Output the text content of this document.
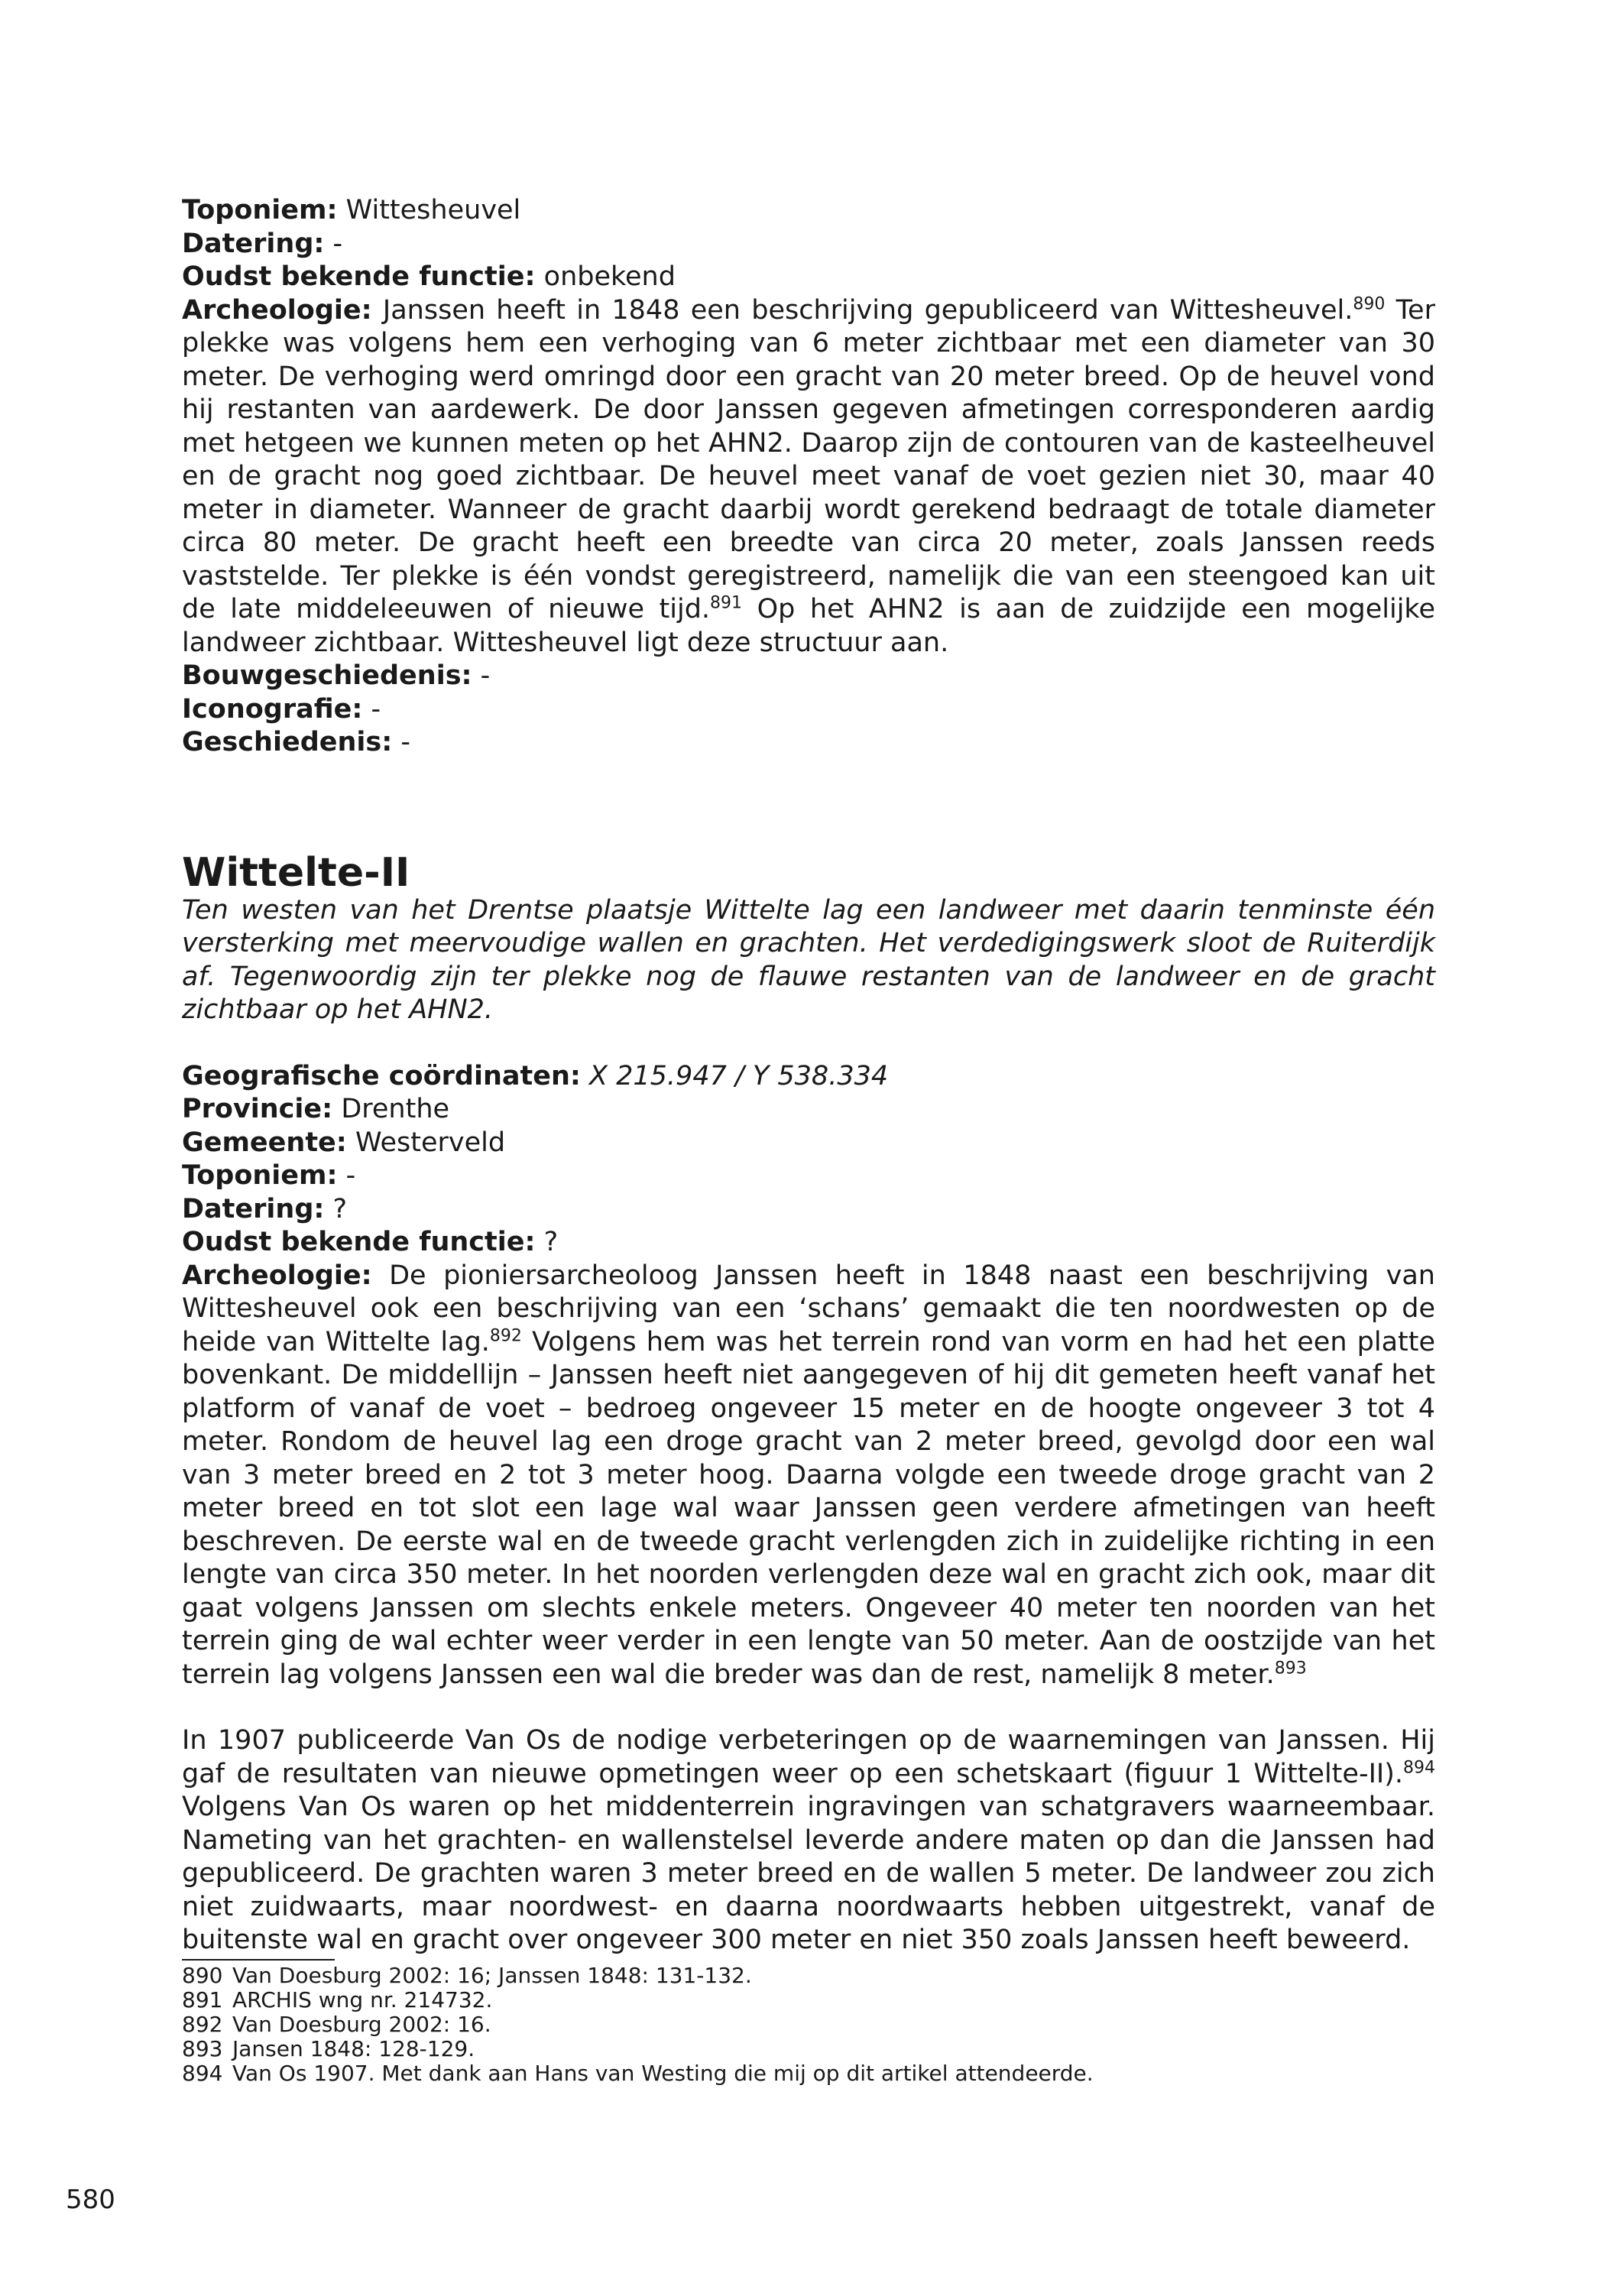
Toponiem: Wittesheuvel

Datering: -

Oudst bekende functie: onbekend

Archeologie: Janssen heeft in 1848 een beschrijving gepubliceerd van Wittesheuvel.$^{890}$ Ter plekke was volgens hem een verhoging van 6 meter zichtbaar met een diameter van 30 meter. De verhoging werd omringd door een gracht van 20 meter breed. Op de heuvel vond hij restanten van aardewerk. De door Janssen gegeven afmetingen corresponderen aardig met hetgeen we kunnen meten op het AHN2. Daarop zijn de contouren van de kasteelheuvel en de gracht nog goed zichtbaar. De heuvel meet vanaf de voet gezien niet 30, maar 40 meter in diameter. Wanneer de gracht daarbij wordt gerekend bedraagt de totale diameter circa 80 meter. De gracht heeft een breedte van circa 20 meter, zoals Janssen reeds vaststelde. Ter plekke is één vondst geregistreerd, namelijk die van een steengoed kan uit de late middeleeuwen of nieuwe tijd.$^{891}$ Op het AHN2 is aan de zuidzijde een mogelijke landweer zichtbaar. Wittesheuvel ligt deze structuur aan.

Bouwgeschiedenis: -

Iconografie: -

Geschiedenis: -

Wittelte-II

Ten westen van het Drentse plaatsje Wittelte lag een landweer met daarin tenminste één versterking met meervoudige wallen en grachten. Het verdedigingswerk sloot de Ruiterdijk af. Tegenwoordig zijn ter plekke nog de flauwe restanten van de landweer en de gracht zichtbaar op het AHN2.

Geografische coördinaten: X 215.947 / Y 538.334

Provincie: Drenthe

Gemeente: Westerveld

Toponiem: -

Datering: ?

Oudst bekende functie: ?

Archeologie: De pioniersarcheoloog Janssen heeft in 1848 naast een beschrijving van Wittesheuvel ook een beschrijving van een ‘schans’ gemaakt die ten noordwesten op de heide van Wittelte lag.$^{892}$ Volgens hem was het terrein rond van vorm en had het een platte bovenkant. De middellijn – Janssen heeft niet aangegeven of hij dit gemeten heeft vanaf het platform of vanaf de voet – bedroeg ongeveer 15 meter en de hoogte ongeveer 3 tot 4 meter. Rondom de heuvel lag een droge gracht van 2 meter breed, gevolgd door een wal van 3 meter breed en 2 tot 3 meter hoog. Daarna volgde een tweede droge gracht van 2 meter breed en tot slot een lage wal waar Janssen geen verdere afmetingen van heeft beschreven. De eerste wal en de tweede gracht verlengden zich in zuidelijke richting in een lengte van circa 350 meter. In het noorden verlengden deze wal en gracht zich ook, maar dit gaat volgens Janssen om slechts enkele meters. Ongeveer 40 meter ten noorden van het terrein ging de wal echter weer verder in een lengte van 50 meter. Aan de oostzijde van het terrein lag volgens Janssen een wal die breder was dan de rest, namelijk 8 meter.$^{893}$

In 1907 publiceerde Van Os de nodige verbeteringen op de waarnemingen van Janssen. Hij gaf de resultaten van nieuwe opmetingen weer op een schetskaart (figuur 1 Wittelte-II).$^{894}$ Volgens Van Os waren op het middenterrein ingravingen van schatgravers waarneembaar. Nameting van het grachten- en wallenstelsel leverde andere maten op dan die Janssen had gepubliceerd. De grachten waren 3 meter breed en de wallen 5 meter. De landweer zou zich niet zuidwaarts, maar noordwest- en daarna noordwaarts hebben uitgestrekt, vanaf de buitenste wal en gracht over ongeveer 300 meter en niet 350 zoals Janssen heeft beweerd.

890 Van Doesburg 2002: 16; Janssen 1848: 131-132.

891 ARCHIS wng nr. 214732.

892 Van Doesburg 2002: 16.

893 Jansen 1848: 128-129.

894 Van Os 1907. Met dank aan Hans van Westing die mij op dit artikel attendeerde.

580
